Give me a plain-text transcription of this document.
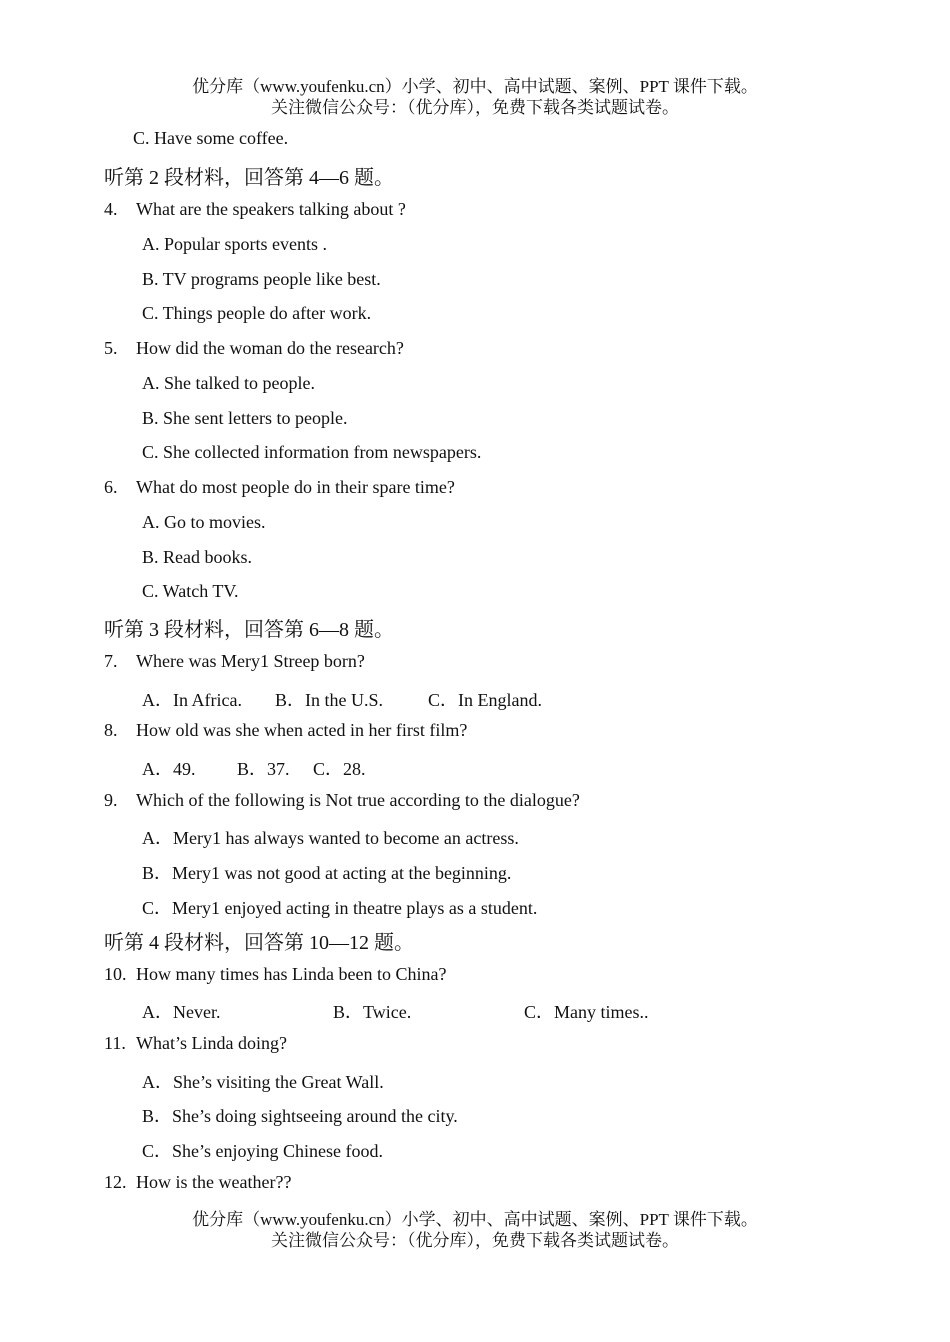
优分库（www.youfenku.cn）小学、初中、高中试题、案例、PPT 课件下载。
关注微信公众号：（优分库），免费下载各类试题试卷。
C. Have some coffee.
听第 2 段材料，回答第 4—6 题。
4. What are the speakers talking about ?
A. Popular sports events .
B. TV programs people like best.
C. Things people do after work.
5. How did the woman do the research?
A. She talked to people.
B. She sent letters to people.
C. She collected information from newspapers.
6. What do most people do in their spare time?
A. Go to movies.
B. Read books.
C. Watch TV.
听第 3 段材料，回答第 6—8 题。
7. Where was Mery1 Streep born?
A．In Africa. B．In the U.S.	C．In England.
8. How old was she when acted in her first film?
A．49. B．37. C．28.
9. Which of the following is Not true according to the dialogue?
A．Mery1 has always wanted to become an actress.
B．Mery1 was not good at acting at the beginning.
C．Mery1 enjoyed acting in theatre plays as a student.
听第 4 段材料，回答第 10—12 题。
10. How many times has Linda been to China?
A．Never.	B．Twice.	C．Many times..
11. What’s Linda doing?
A．She’s visiting the Great Wall.
B．She’s doing sightseeing around the city.
C．She’s enjoying Chinese food.
12. How is the weather??
优分库（www.youfenku.cn）小学、初中、高中试题、案例、PPT 课件下载。
关注微信公众号：（优分库），免费下载各类试题试卷。
